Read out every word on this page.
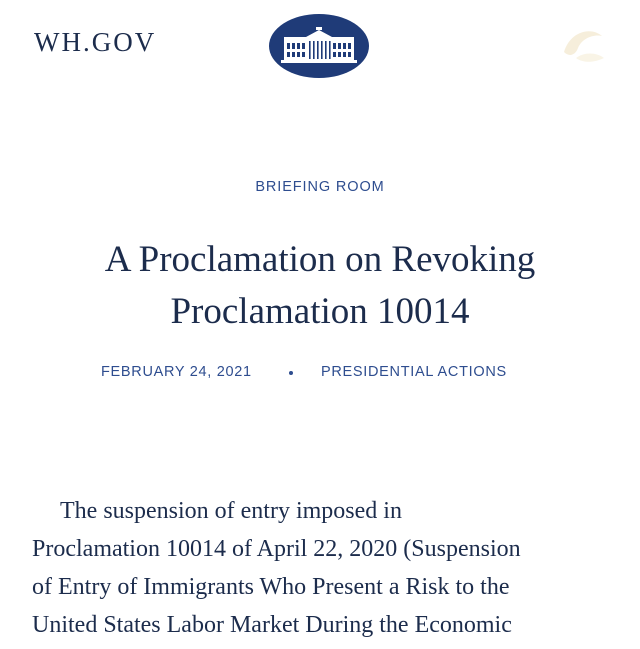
WH.GOV
BRIEFING ROOM
A Proclamation on Revoking
Proclamation 10014
FEBRUARY 24, 2021	PRESIDENTIAL ACTIONS

The suspension of entry imposed in
Proclamation 10014 of April 22, 2020 (Suspension
of Entry of Immigrants Who Present a Risk to the
United States Labor Market During the Economic
